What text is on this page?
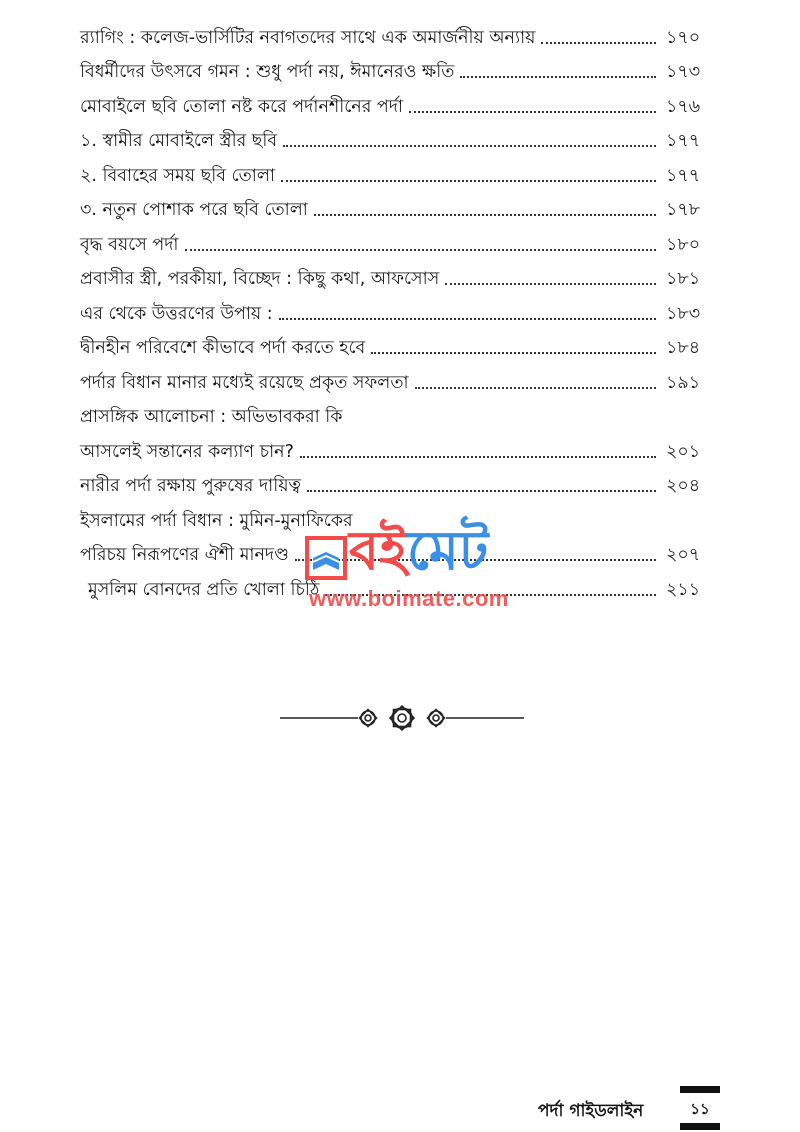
র‌্যাগিং : কলেজ-ভার্সিটির নবাগতদের সাথে এক অমার্জনীয় অন্যায়	১৭০
বিধর্মীদের উৎসবে গমন : শুধু পর্দা নয়, ঈমানেরও ক্ষতি	১৭৩
মোবাইলে ছবি তোলা নষ্ট করে পর্দানশীনের পর্দা	১৭৬
১. স্বামীর মোবাইলে স্ত্রীর ছবি	১৭৭
২. বিবাহের সময় ছবি তোলা	১৭৭
৩. নতুন পোশাক পরে ছবি তোলা	১৭৮
বৃদ্ধ বয়সে পর্দা	১৮০
প্রবাসীর স্ত্রী, পরকীয়া, বিচ্ছেদ : কিছু কথা, আফসোস	১৮১
এর থেকে উত্তরণের উপায় :	১৮৩
দ্বীনহীন পরিবেশে কীভাবে পর্দা করতে হবে	১৮৪
পর্দার বিধান মানার মধ্যেই রয়েছে প্রকৃত সফলতা	১৯১
প্রাসঙ্গিক আলোচনা : অভিভাবকরা কি
আসলেই সন্তানের কল্যাণ চান?	২০১
নারীর পর্দা রক্ষায় পুরুষের দায়িত্ব	২০৪
ইসলামের পর্দা বিধান : মুমিন-মুনাফিকের
পরিচয় নিরূপণের ঐশী মানদণ্ড	২০৭
মুসলিম বোনদের প্রতি খোলা চিঠি	২১১
বইমেট
www.boimate.com
পর্দা গাইডলাইন	১১
